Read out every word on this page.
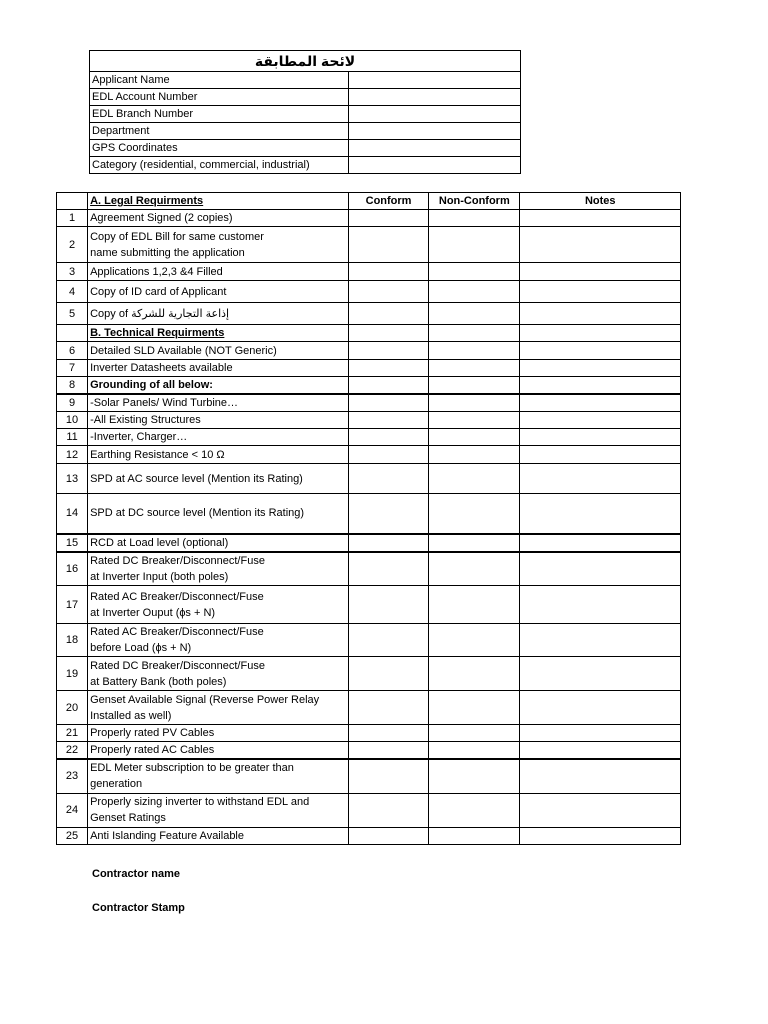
لائحة المطابقة	
Applicant Name	
EDL Account Number	
EDL Branch Number	
Department	
GPS Coordinates	
Category (residential, commercial, industrial)	
	A. Legal Requirments	Conform	Non-Conform	Notes
1	Agreement Signed (2 copies)			

2	Copy of EDL Bill for same customer
name submitting the application			

3	Applications 1,2,3 &4 Filled			

4	Copy of ID card of Applicant			

5	Copy of إذاعة التجارية للشركة			

	B. Technical Requirments			
6	Detailed SLD Available (NOT Generic)			

7	Inverter Datasheets available			

8	Grounding of all below:			

9	-Solar Panels/ Wind Turbine…			

10	-All Existing Structures			

11	-Inverter, Charger…			

12	Earthing Resistance < 10 Ω			

13	SPD at AC source level (Mention its Rating)			

14	SPD at DC source level (Mention its Rating)			

15	RCD at Load level (optional)			

16	Rated DC Breaker/Disconnect/Fuse
at Inverter Input (both poles)			

17	Rated AC Breaker/Disconnect/Fuse
at Inverter Ouput (ɸs + N)			

18	Rated AC Breaker/Disconnect/Fuse
before Load (ɸs + N)			

19	Rated DC Breaker/Disconnect/Fuse
at Battery Bank (both poles)			

20	Genset Available Signal (Reverse Power Relay
Installed as well)			

21	Properly rated PV Cables			

22	Properly rated AC Cables			

23	EDL Meter subscription to be greater than
generation			

24	Properly sizing inverter to withstand EDL and
Genset Ratings			

25	Anti Islanding Feature Available			

Contractor name
Contractor Stamp
